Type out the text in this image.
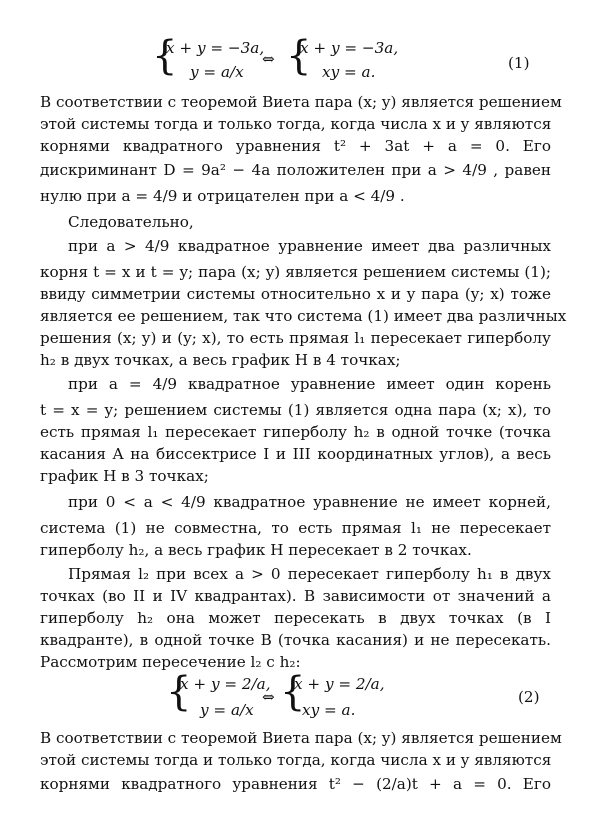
{
x + y = −3a,
y = a/x
⇔ {
x + y = −3a,
xy = a.	(1)
В соответствии с теоремой Виета пара (x; y) является решением
этой системы тогда и только тогда, когда числа x и y являются
корнями квадратного уравнения t² + 3at + a = 0. Его
дискриминант D = 9a² − 4a положителен при a > 4/9 , равен
нулю при a = 4/9 и отрицателен при a < 4/9 .
Следовательно,
при a > 4/9 квадратное уравнение имеет два различных
корня t = x и t = y; пара (x; y) является решением системы (1);
ввиду симметрии системы относительно x и y пара (y; x) тоже
является ее решением, так что система (1) имеет два различных
решения (x; y) и (y; x), то есть прямая l₁ пересекает гиперболу
h₂ в двух точках, а весь график H в 4 точках;
при a = 4/9 квадратное уравнение имеет один корень
t = x = y; решением системы (1) является одна пара (x; x), то
есть прямая l₁ пересекает гиперболу h₂ в одной точке (точка
касания A на биссектрисе I и III координатных углов), а весь
график H в 3 точках;
при 0 < a < 4/9 квадратное уравнение не имеет корней,
система (1) не совместна, то есть прямая l₁ не пересекает
гиперболу h₂, а весь график H пересекает в 2 точках.
Прямая l₂ при всех a > 0 пересекает гиперболу h₁ в двух
точках (во II и IV квадрантах). В зависимости от значений a
гиперболу h₂ она может пересекать в двух точках (в I
квадранте), в одной точке B (точка касания) и не пересекать.
Рассмотрим пересечение l₂ с h₂:
{
x + y = 2/a,
y = a/x
⇔ {
x + y = 2/a,
xy = a.
(2)
В соответствии с теоремой Виета пара (x; y) является решением
этой системы тогда и только тогда, когда числа x и y являются
корнями квадратного уравнения t² − (2/a)t + a = 0. Его
